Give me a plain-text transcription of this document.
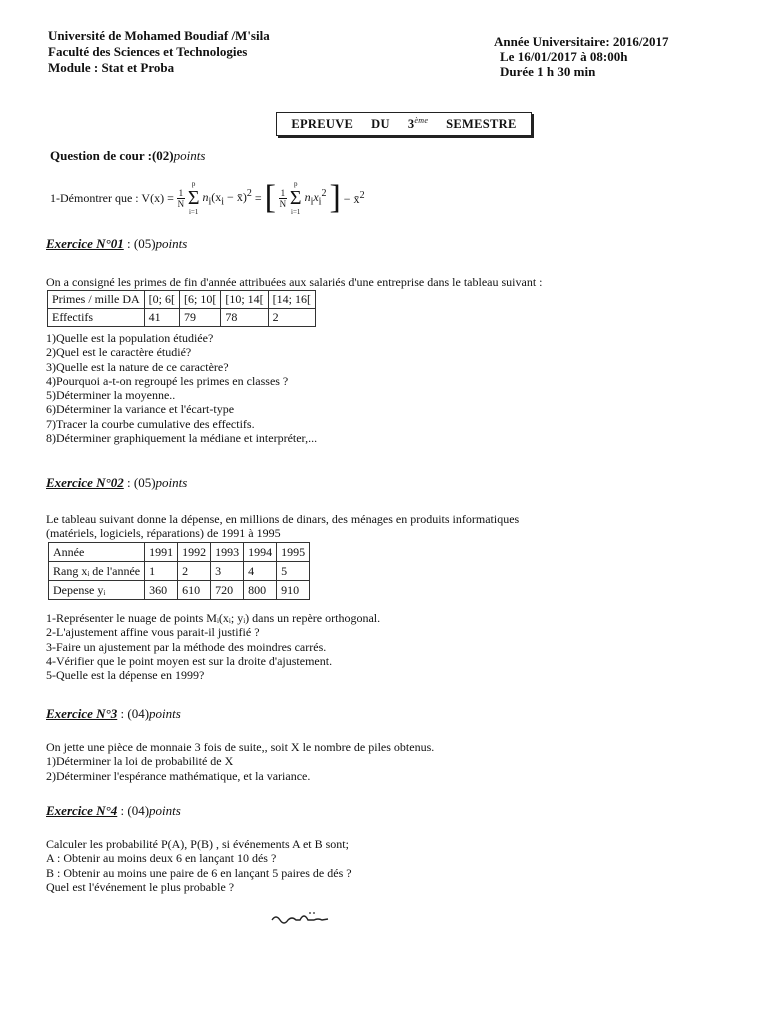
Université de Mohamed Boudiaf /M'sila
Faculté des Sciences et Technologies
Module : Stat et Proba
Année Universitaire: 2016/2017
Le 16/01/2017 à 08:00h
Durée 1 h 30 min
EPREUVE DU 3ème SEMESTRE
Question de cour :(02)points
1-Démontrer que : $V(x) = \frac{1}{N}$
p
Σ
i=1
$n_i(x_i$ − x̄)$^2$ = [ $\frac{1}{N}$
p
Σ
i=1
$n_ix_i^2$ ] − x̄$^2$
Exercice N°01 : (05)points
On a consigné les primes de fin d'année attribuées aux salariés d'une entreprise dans le tableau suivant :
Primes / mille DA	[0; 6[	[6; 10[	[10; 14[	[14; 16[
Effectifs	41	79	78	2
1)Quelle est la population étudiée?
2)Quel est le caractère étudié?
3)Quelle est la nature de ce caractère?
4)Pourquoi a-t-on regroupé les primes en classes ?
5)Déterminer la moyenne..
6)Déterminer la variance et l'écart-type
7)Tracer la courbe cumulative des effectifs.
8)Déterminer graphiquement la médiane et interpréter,...
Exercice N°02 : (05)points
Le tableau suivant donne la dépense, en millions de dinars, des ménages en produits informatiques
(matériels, logiciels, réparations) de 1991 à 1995
Année	1991	1992	1993	1994	1995
Rang xᵢ de l'année	1	2	3	4	5
Depense yᵢ	360	610	720	800	910
1-Représenter le nuage de points Mᵢ(xᵢ; yᵢ) dans un repère orthogonal.
2-L'ajustement affine vous parait-il justifié ?
3-Faire un ajustement par la méthode des moindres carrés.
4-Vérifier que le point moyen est sur la droite d'ajustement.
5-Quelle est la dépense en 1999?
Exercice N°3 : (04)points
On jette une pièce de monnaie 3 fois de suite,, soit X le nombre de piles obtenus.
1)Déterminer la loi de probabilité de X
2)Déterminer l'espérance mathématique, et la variance.
Exercice N°4 : (04)points
Calculer les probabilité P(A), P(B) , si événements A et B sont;
A : Obtenir au moins deux 6 en lançant 10 dés ?
B : Obtenir au moins une paire de 6 en lançant 5 paires de dés ?
Quel est l'événement le plus probable ?
